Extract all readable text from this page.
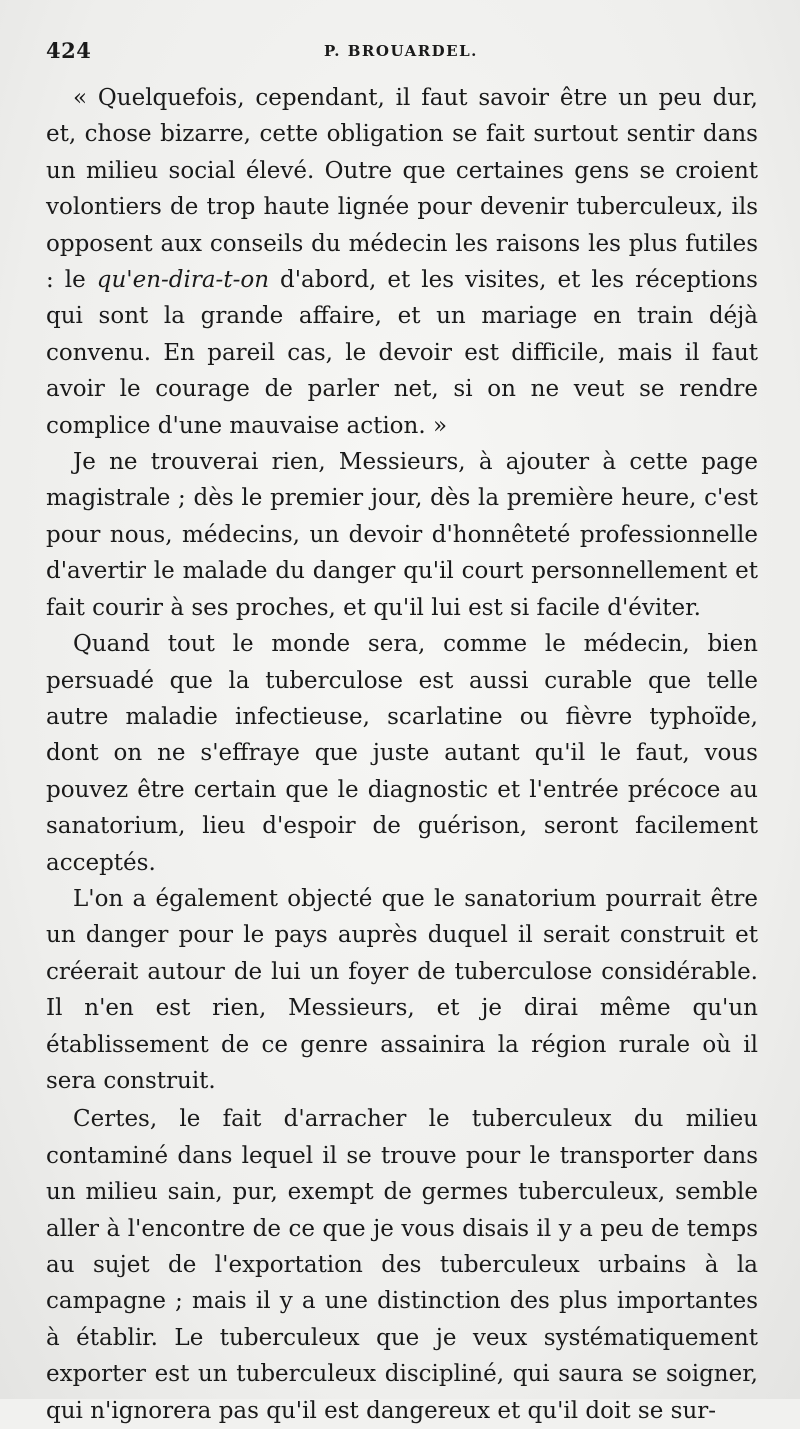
424	P. BROUARDEL.

« Quelquefois, cependant, il faut savoir être un peu dur, et, chose bizarre, cette obligation se fait surtout sentir dans un milieu social élevé. Outre que certaines gens se croient volontiers de trop haute lignée pour devenir tuberculeux, ils opposent aux conseils du médecin les raisons les plus futiles : le qu'en-dira-t-on d'abord, et les visites, et les réceptions qui sont la grande affaire, et un mariage en train déjà convenu. En pareil cas, le devoir est difficile, mais il faut avoir le courage de parler net, si on ne veut se rendre complice d'une mauvaise action. »

Je ne trouverai rien, Messieurs, à ajouter à cette page magistrale ; dès le premier jour, dès la première heure, c'est pour nous, médecins, un devoir d'honnêteté professionnelle d'avertir le malade du danger qu'il court personnellement et fait courir à ses proches, et qu'il lui est si facile d'éviter.

Quand tout le monde sera, comme le médecin, bien persuadé que la tuberculose est aussi curable que telle autre maladie infectieuse, scarlatine ou fièvre typhoïde, dont on ne s'effraye que juste autant qu'il le faut, vous pouvez être certain que le diagnostic et l'entrée précoce au sanatorium, lieu d'espoir de guérison, seront facilement acceptés.

L'on a également objecté que le sanatorium pourrait être un danger pour le pays auprès duquel il serait construit et créerait autour de lui un foyer de tuberculose considérable. Il n'en est rien, Messieurs, et je dirai même qu'un établissement de ce genre assainira la région rurale où il sera construit.

Certes, le fait d'arracher le tuberculeux du milieu contaminé dans lequel il se trouve pour le transporter dans un milieu sain, pur, exempt de germes tuberculeux, semble aller à l'encontre de ce que je vous disais il y a peu de temps au sujet de l'exportation des tuberculeux urbains à la campagne ; mais il y a une distinction des plus importantes à établir. Le tuberculeux que je veux systématiquement exporter est un tuberculeux discipliné, qui saura se soigner, qui n'ignorera pas qu'il est dangereux et qu'il doit se sur-
